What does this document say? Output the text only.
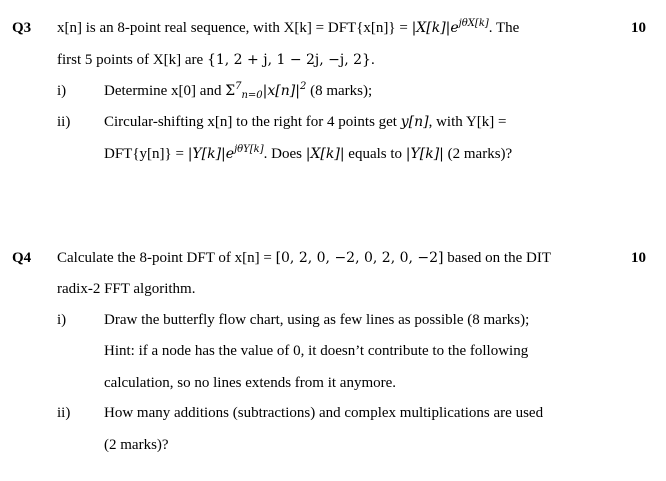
Q3	10
x[n] is an 8-point real sequence, with $X[k] = DFT\{x[n]\} = |X[k]|e^{j\theta X[k]}$. The
first 5 points of X[k] are {1, 2 + j, 1 − 2j, −j, 2}.
i)	Determine x[0] and $\Sigma^7_{n=0}|x[n]|^2$ (8 marks);
ii) Circular-shifting x[n] to the right for 4 points get y[n], with Y[k] =
$DFT\{y[n]\} = |Y[k]|e^{j\theta Y[k]}$. Does |X[k]| equals to |Y[k]| (2 marks)?
Q4	10
Calculate the 8-point DFT of x[n] = [0, 2, 0, −2, 0, 2, 0, −2] based on the DIT
radix-2 FFT algorithm.
i)	Draw the butterfly flow chart, using as few lines as possible (8 marks);
Hint: if a node has the value of 0, it doesn’t contribute to the following
calculation, so no lines extends from it anymore.
ii) How many additions (subtractions) and complex multiplications are used
(2 marks)?
